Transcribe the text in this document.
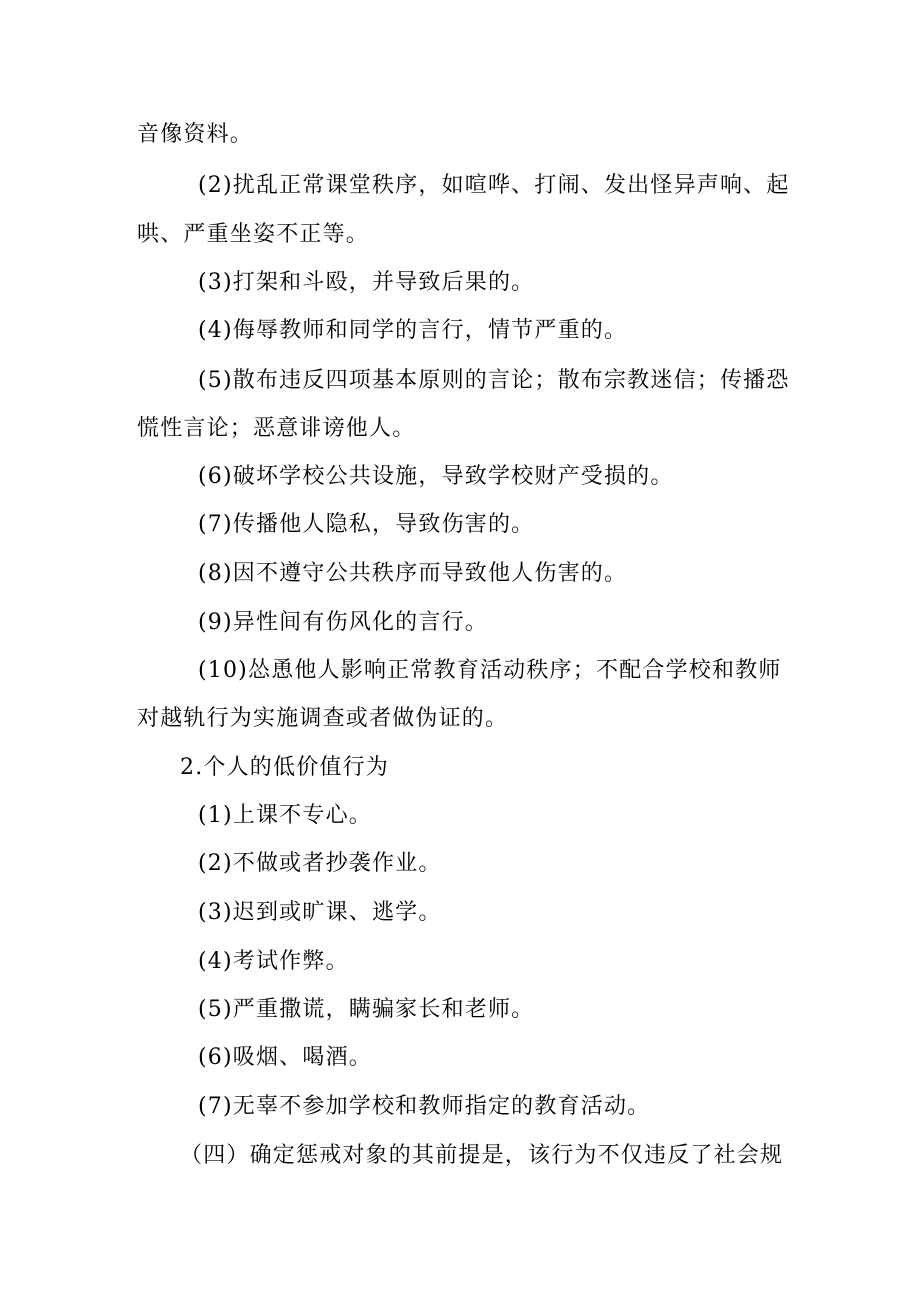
音像资料。
(2)扰乱正常课堂秩序，如喧哗、打闹、发出怪异声响、起
哄、严重坐姿不正等。
(3)打架和斗殴，并导致后果的。
(4)侮辱教师和同学的言行，情节严重的。
(5)散布违反四项基本原则的言论；散布宗教迷信；传播恐
慌性言论；恶意诽谤他人。
(6)破坏学校公共设施，导致学校财产受损的。
(7)传播他人隐私，导致伤害的。
(8)因不遵守公共秩序而导致他人伤害的。
(9)异性间有伤风化的言行。
(10)怂恿他人影响正常教育活动秩序；不配合学校和教师
对越轨行为实施调查或者做伪证的。
2.个人的低价值行为
(1)上课不专心。
(2)不做或者抄袭作业。
(3)迟到或旷课、逃学。
(4)考试作弊。
(5)严重撒谎，瞒骗家长和老师。
(6)吸烟、喝酒。
(7)无辜不参加学校和教师指定的教育活动。
（四）确定惩戒对象的其前提是，该行为不仅违反了社会规
